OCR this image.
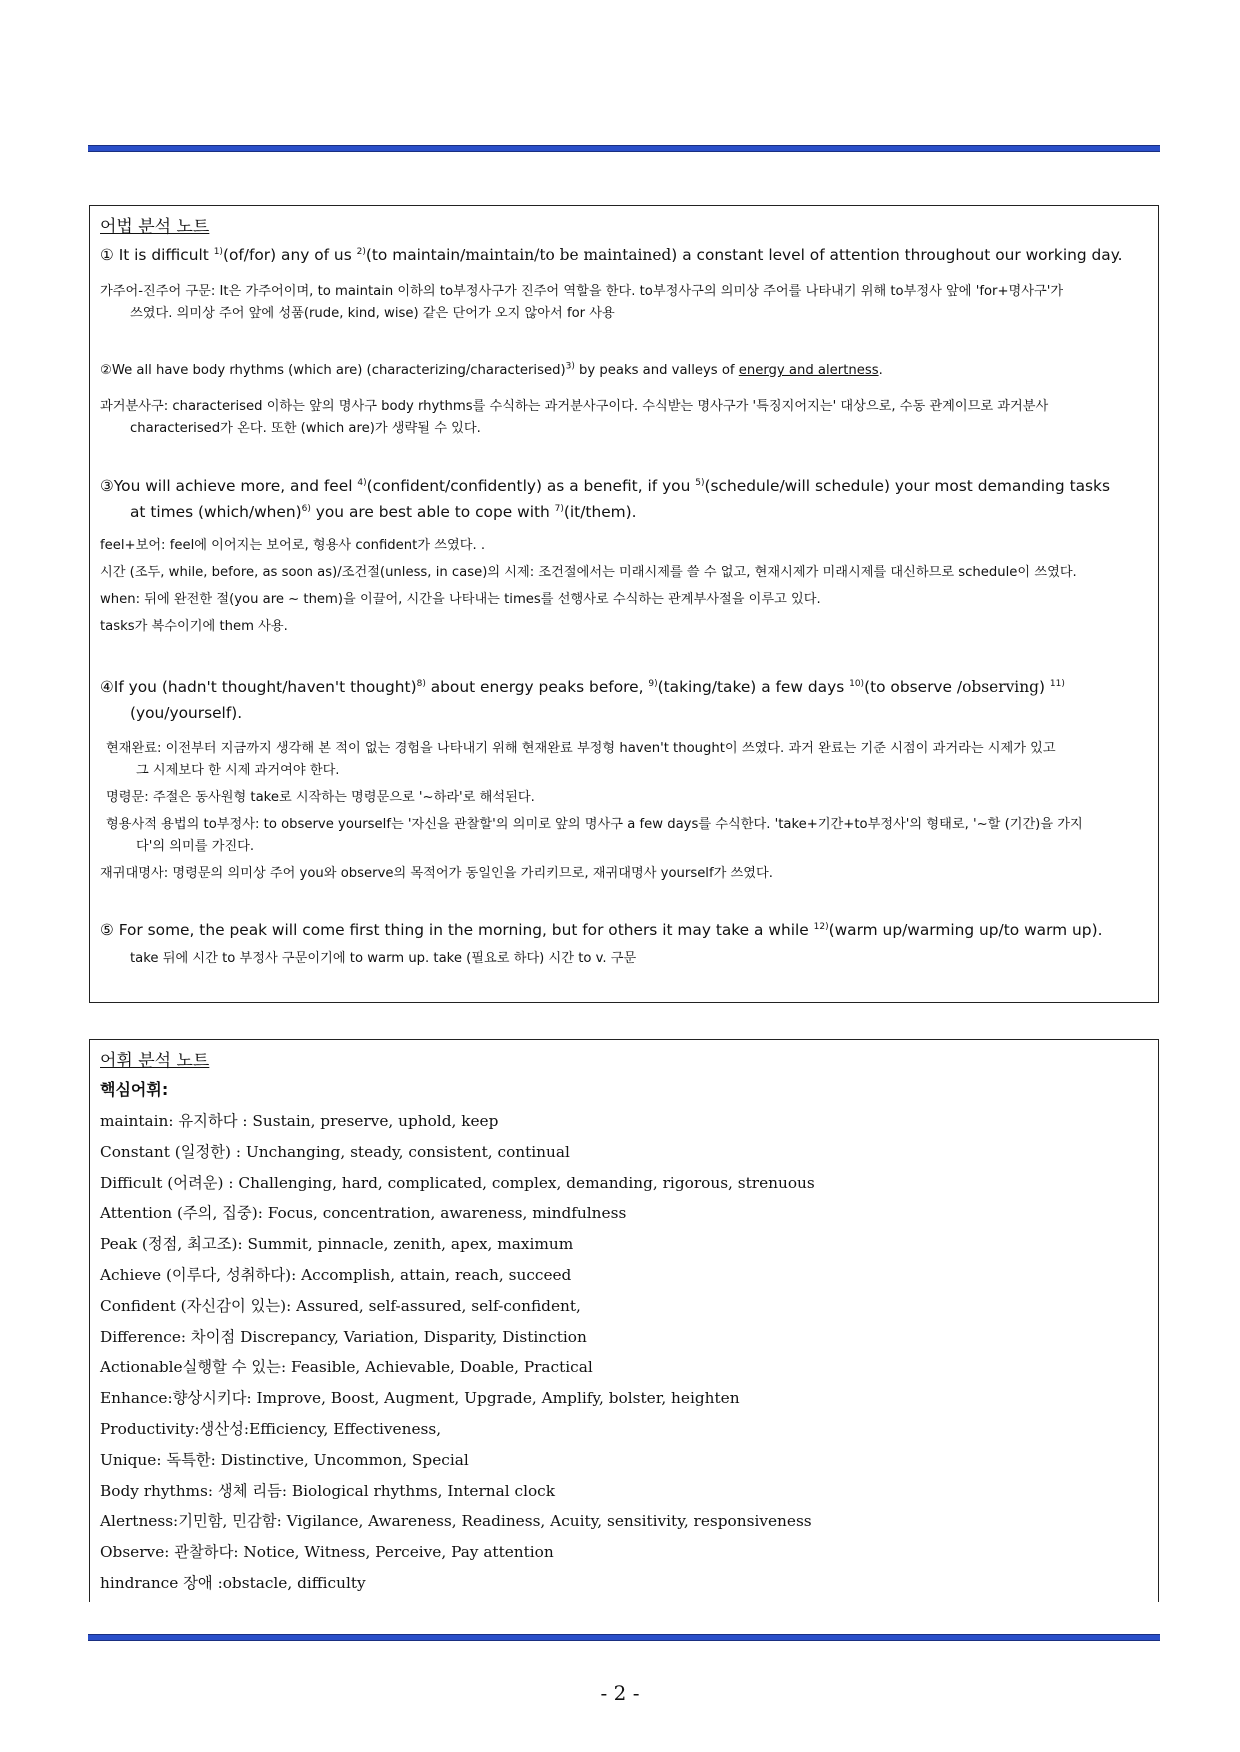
어법 분석 노트
① It is difficult $^{1)}$(of/for) any of us $^{2)}$(to maintain/maintain/to be maintained) a constant level of attention throughout our working day.
가주어-진주어 구문: It은 가주어이며, to maintain 이하의 to부정사구가 진주어 역할을 한다. to부정사구의 의미상 주어를 나타내기 위해 to부정사 앞에 'for+명사구'가
쓰였다. 의미상 주어 앞에 성품(rude, kind, wise) 같은 단어가 오지 않아서 for 사용
②We all have body rhythms (which are) (characterizing/characterised)$^{3)}$ by peaks and valleys of energy and alertness.
과거분사구: characterised 이하는 앞의 명사구 body rhythms를 수식하는 과거분사구이다. 수식받는 명사구가 '특징지어지는' 대상으로, 수동 관계이므로 과거분사
characterised가 온다. 또한 (which are)가 생략될 수 있다.
③You will achieve more, and feel $^{4)}$(confident/confidently) as a benefit, if you $^{5)}$(schedule/will schedule) your most demanding tasks
at times (which/when)$^{6)}$ you are best able to cope with $^{7)}$(it/them).
feel+보어: feel에 이어지는 보어로, 형용사 confident가 쓰였다. .
시간 (조두, while, before, as soon as)/조건절(unless, in case)의 시제: 조건절에서는 미래시제를 쓸 수 없고, 현재시제가 미래시제를 대신하므로 schedule이 쓰였다.
when: 뒤에 완전한 절(you are ~ them)을 이끌어, 시간을 나타내는 times를 선행사로 수식하는 관계부사절을 이루고 있다.
tasks가 복수이기에 them 사용.
④If you (hadn't thought/haven't thought)$^{8)}$ about energy peaks before, $^{9)}$(taking/take) a few days $^{10)}$(to observe /observing) $^{11)}$
(you/yourself).
현재완료: 이전부터 지금까지 생각해 본 적이 없는 경험을 나타내기 위해 현재완료 부정형 haven't thought이 쓰였다. 과거 완료는 기준 시점이 과거라는 시제가 있고
그 시제보다 한 시제 과거여야 한다.
명령문: 주절은 동사원형 take로 시작하는 명령문으로 '~하라'로 해석된다.
형용사적 용법의 to부정사: to observe yourself는 '자신을 관찰할'의 의미로 앞의 명사구 a few days를 수식한다. 'take+기간+to부정사'의 형태로, '~할 (기간)을 가지
다'의 의미를 가진다.
재귀대명사: 명령문의 의미상 주어 you와 observe의 목적어가 동일인을 가리키므로, 재귀대명사 yourself가 쓰였다.
⑤ For some, the peak will come first thing in the morning, but for others it may take a while $^{12)}$(warm up/warming up/to warm up).
take 뒤에 시간 to 부정사 구문이기에 to warm up. take (필요로 하다) 시간 to v. 구문
어휘 분석 노트
핵심어휘:
maintain: 유지하다 : Sustain, preserve, uphold, keep
Constant (일정한) : Unchanging, steady, consistent, continual
Difficult (어려운) : Challenging, hard, complicated, complex, demanding, rigorous, strenuous
Attention (주의, 집중): Focus, concentration, awareness, mindfulness
Peak (정점, 최고조): Summit, pinnacle, zenith, apex, maximum
Achieve (이루다, 성취하다): Accomplish, attain, reach, succeed
Confident (자신감이 있는): Assured, self-assured, self-confident,
Difference: 차이점 Discrepancy, Variation, Disparity, Distinction
Actionable실행할 수 있는: Feasible, Achievable, Doable, Practical
Enhance:향상시키다: Improve, Boost, Augment, Upgrade, Amplify, bolster, heighten
Productivity:생산성:Efficiency, Effectiveness,
Unique: 독특한: Distinctive, Uncommon, Special
Body rhythms: 생체 리듬: Biological rhythms, Internal clock
Alertness:기민함, 민감함: Vigilance, Awareness, Readiness, Acuity, sensitivity, responsiveness
Observe: 관찰하다: Notice, Witness, Perceive, Pay attention
hindrance 장애 :obstacle, difficulty
- 2 -
